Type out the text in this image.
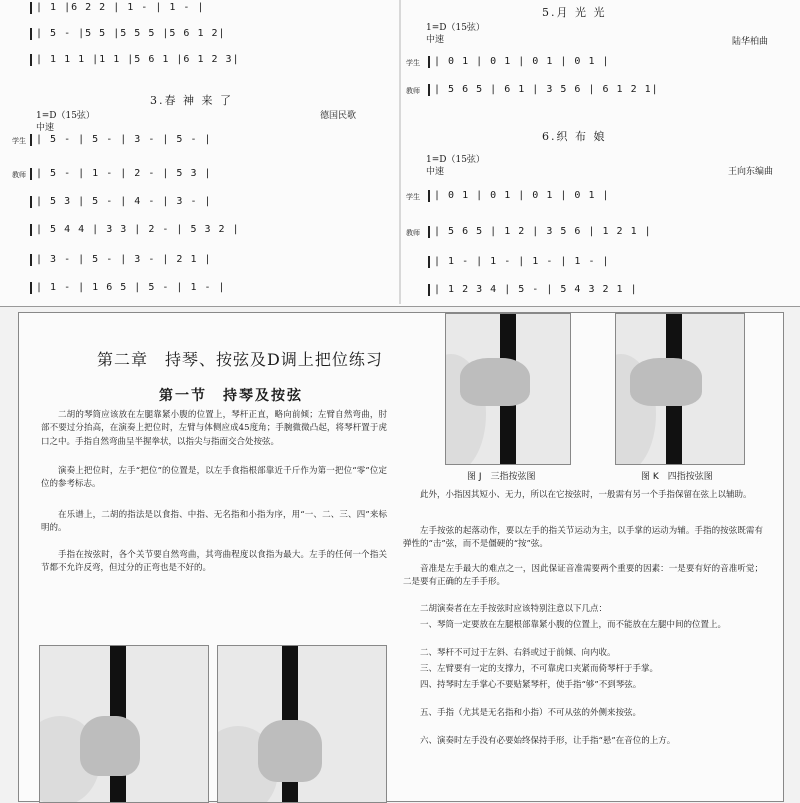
| 1 |6 2 2 | 1 - | 1 - |
| 5 - |5 5 |5 5 5 |5 6 1 2|
| 1 1 1 |1 1 |5 6 1 |6 1 2 3|
3.春 神 来 了
1=D（15弦）	德国民歌
中速
学生
教师
| 5 - | 5 - | 3 - | 5 - |
| 5 - | 1 - | 2 - | 5 3 |
| 5 3 | 5 - | 4 - | 3 - |
| 5 4 4 | 3 3 | 2 - | 5 3 2 |
| 3 - | 5 - | 3 - | 2 1 |
| 1 - | 1 6 5 | 5 - | 1 - |
5.月 光 光
1=D（15弦）
中速	陆华柏曲
学生
教师
| 0 1 | 0 1 | 0 1 | 0 1 |
| 5 6 5 | 6 1 | 3 5 6 | 6 1 2 1|
6.织 布 娘
1=D（15弦）
中速	王向东编曲
学生
教师
| 0 1 | 0 1 | 0 1 | 0 1 |
| 5 6 5 | 1 2 | 3 5 6 | 1 2 1 |
| 1 - | 1 - | 1 - | 1 - |
| 1 2 3 4 | 5 - | 5 4 3 2 1 |
第二章　持琴、按弦及D调上把位练习
第一节　持琴及按弦
二胡的琴筒应该放在左腿靠紧小腹的位置上，琴杆正直，略向前倾；左臂自然弯曲，肘部不要过分抬高，在演奏上把位时，左臂与体侧应成45度角；手腕微微凸起，将琴杆置于虎口之中。手指自然弯曲呈半握拳状，以指尖与指面交合处按弦。
演奏上把位时，左手“把位”的位置是，以左手食指根部靠近千斤作为第一把位“零”位定位的参考标志。
在乐谱上，二胡的指法是以食指、中指、无名指和小指为序，用“一、二、三、四”来标明的。
手指在按弦时，各个关节要自然弯曲，其弯曲程度以食指为最大。左手的任何一个指关节都不允许反弯，但过分的正弯也是不好的。
图 J　三指按弦图	图 K　四指按弦图
此外，小指因其短小、无力，所以在它按弦时，一般需有另一个手指保留在弦上以辅助。
左手按弦的起落动作，要以左手的指关节运动为主，以手掌的运动为辅。手指的按弦既需有弹性的“击”弦，而不是僵硬的“按”弦。
音准是左手最大的难点之一，因此保证音准需要两个重要的因素：一是要有好的音准听觉；二是要有正确的左手手形。
二胡演奏者在左手按弦时应该特别注意以下几点：
一、琴筒一定要放在左腿根部靠紧小腹的位置上，而不能放在左腿中间的位置上。
二、琴杆不可过于左斜、右斜或过于前倾、向内收。
三、左臂要有一定的支撑力，不可靠虎口夹紧而倚琴杆于手掌。
四、持琴时左手掌心不要贴紧琴杆，使手指“够”不到琴弦。
五、手指（尤其是无名指和小指）不可从弦的外侧来按弦。
六、演奏时左手没有必要始终保持手形，让手指“悬”在音位的上方。
